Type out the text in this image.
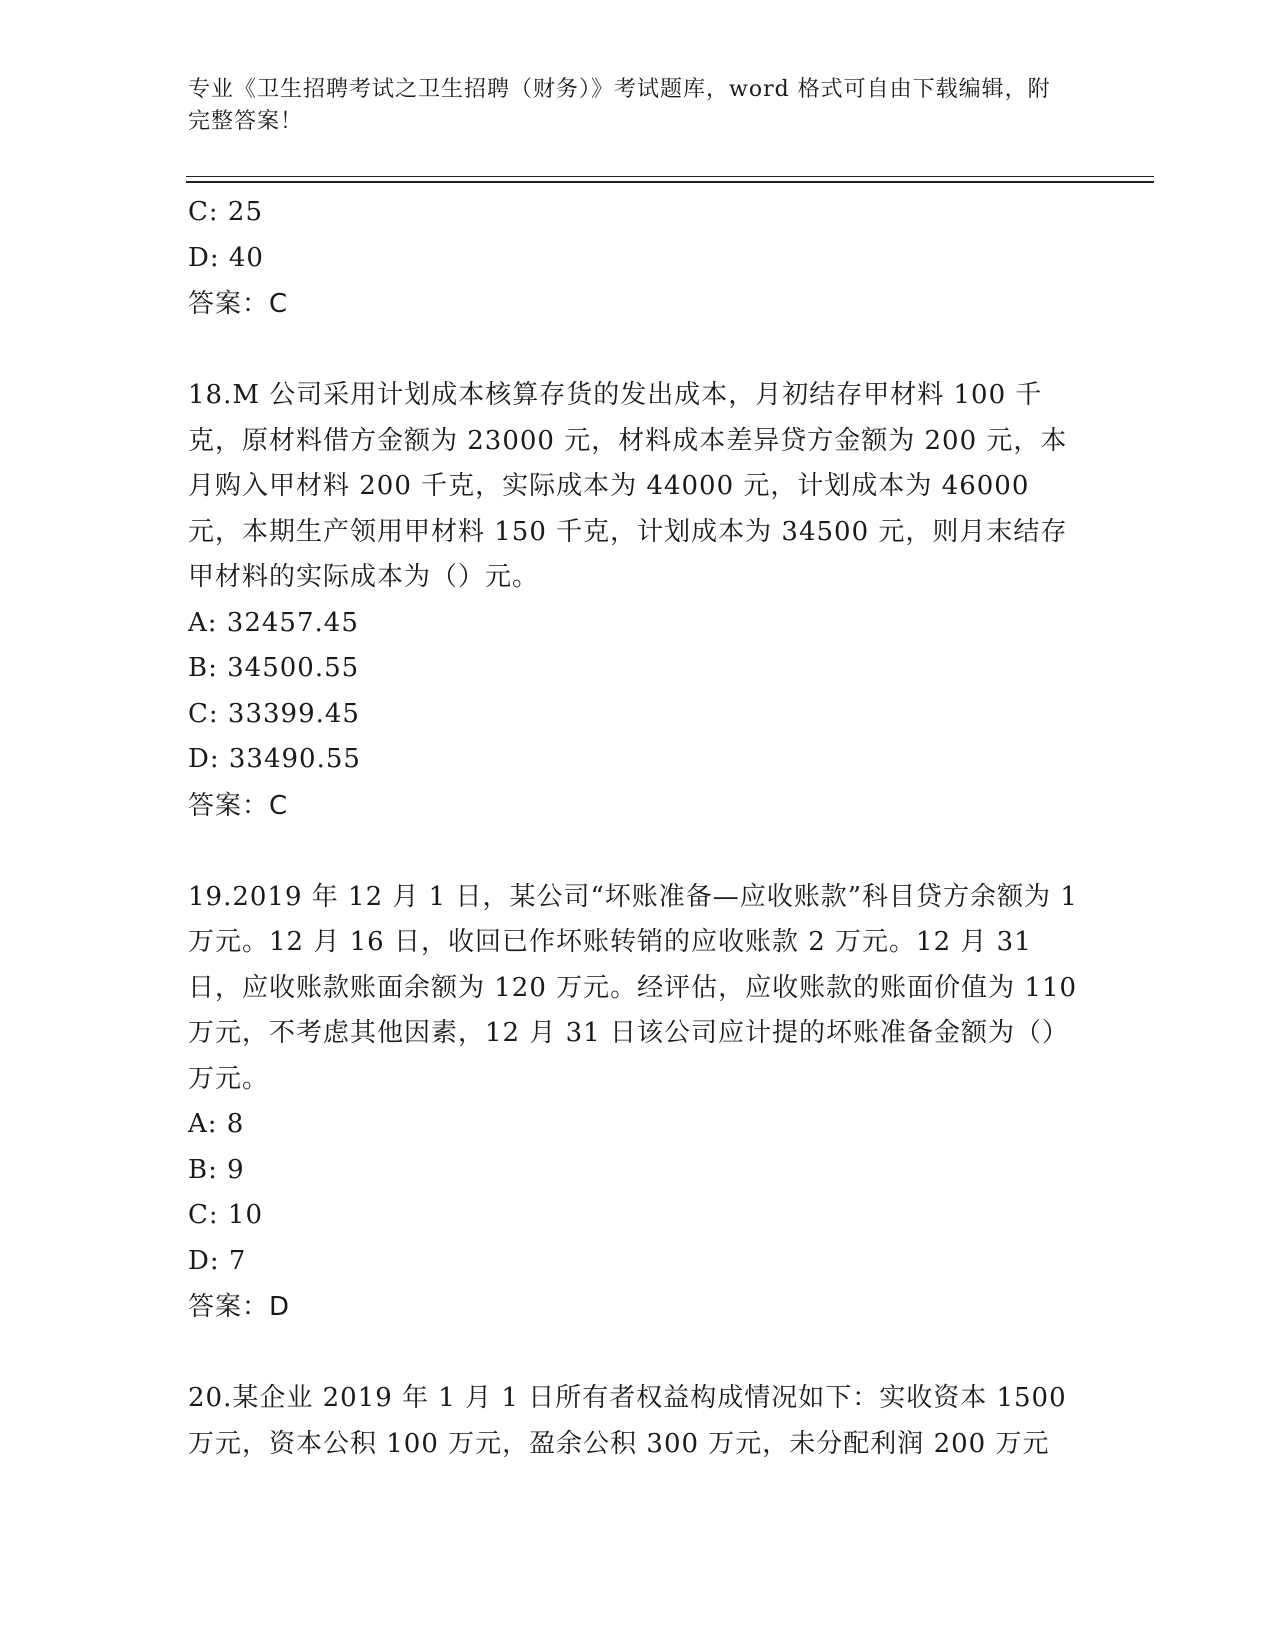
专业《卫生招聘考试之卫生招聘（财务）》考试题库，word 格式可自由下载编辑，附完整答案！
C: 25
D: 40
答案：C
18.M 公司采用计划成本核算存货的发出成本，月初结存甲材料 100 千克，原材料借方金额为 23000 元，材料成本差异贷方金额为 200 元，本月购入甲材料 200 千克，实际成本为 44000 元，计划成本为 46000 元，本期生产领用甲材料 150 千克，计划成本为 34500 元，则月末结存甲材料的实际成本为（）元。
A: 32457.45
B: 34500.55
C: 33399.45
D: 33490.55
答案：C
19.2019 年 12 月 1 日，某公司“坏账准备—应收账款”科目贷方余额为 1 万元。12 月 16 日，收回已作坏账转销的应收账款 2 万元。12 月 31 日，应收账款账面余额为 120 万元。经评估，应收账款的账面价值为 110 万元，不考虑其他因素，12 月 31 日该公司应计提的坏账准备金额为（）万元。
A: 8
B: 9
C: 10
D: 7
答案：D
20.某企业 2019 年 1 月 1 日所有者权益构成情况如下：实收资本 1500 万元，资本公积 100 万元，盈余公积 300 万元，未分配利润 200 万元
